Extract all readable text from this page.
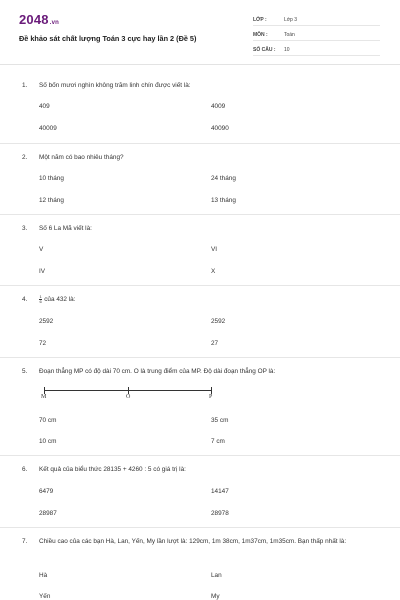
2048.vn
Đề khảo sát chất lượng Toán 3 cực hay lần 2 (Đề 5)
LỚP :	Lớp 3
MÔN :	Toán
SỐ CÂU : 10
1. Số bốn mươi nghìn không trăm linh chín được viết là:
409	4009
40009	40090
2. Một năm có bao nhiêu tháng?
10 tháng	24 tháng
12 tháng	13 tháng
3. Số 6 La Mã viết là:
V	VI
IV	X
4.	$\frac{1}{6}$ của 432 là:
2592	2592
72	27
5. Đoạn thẳng MP có độ dài 70 cm. O là trung điểm của MP. Độ dài đoạn thẳng OP là:
M	O	P
70 cm	35 cm
10 cm	7 cm
6. Kết quả của biểu thức 28135 + 4260 : 5 có giá trị là:
6479	14147
28987	28978
7. Chiều cao của các bạn Hà, Lan, Yến, My lần lượt là: 129cm, 1m 38cm, 1m37cm, 1m35cm. Bạn thấp nhất là:
Hà	Lan
Yến	My
